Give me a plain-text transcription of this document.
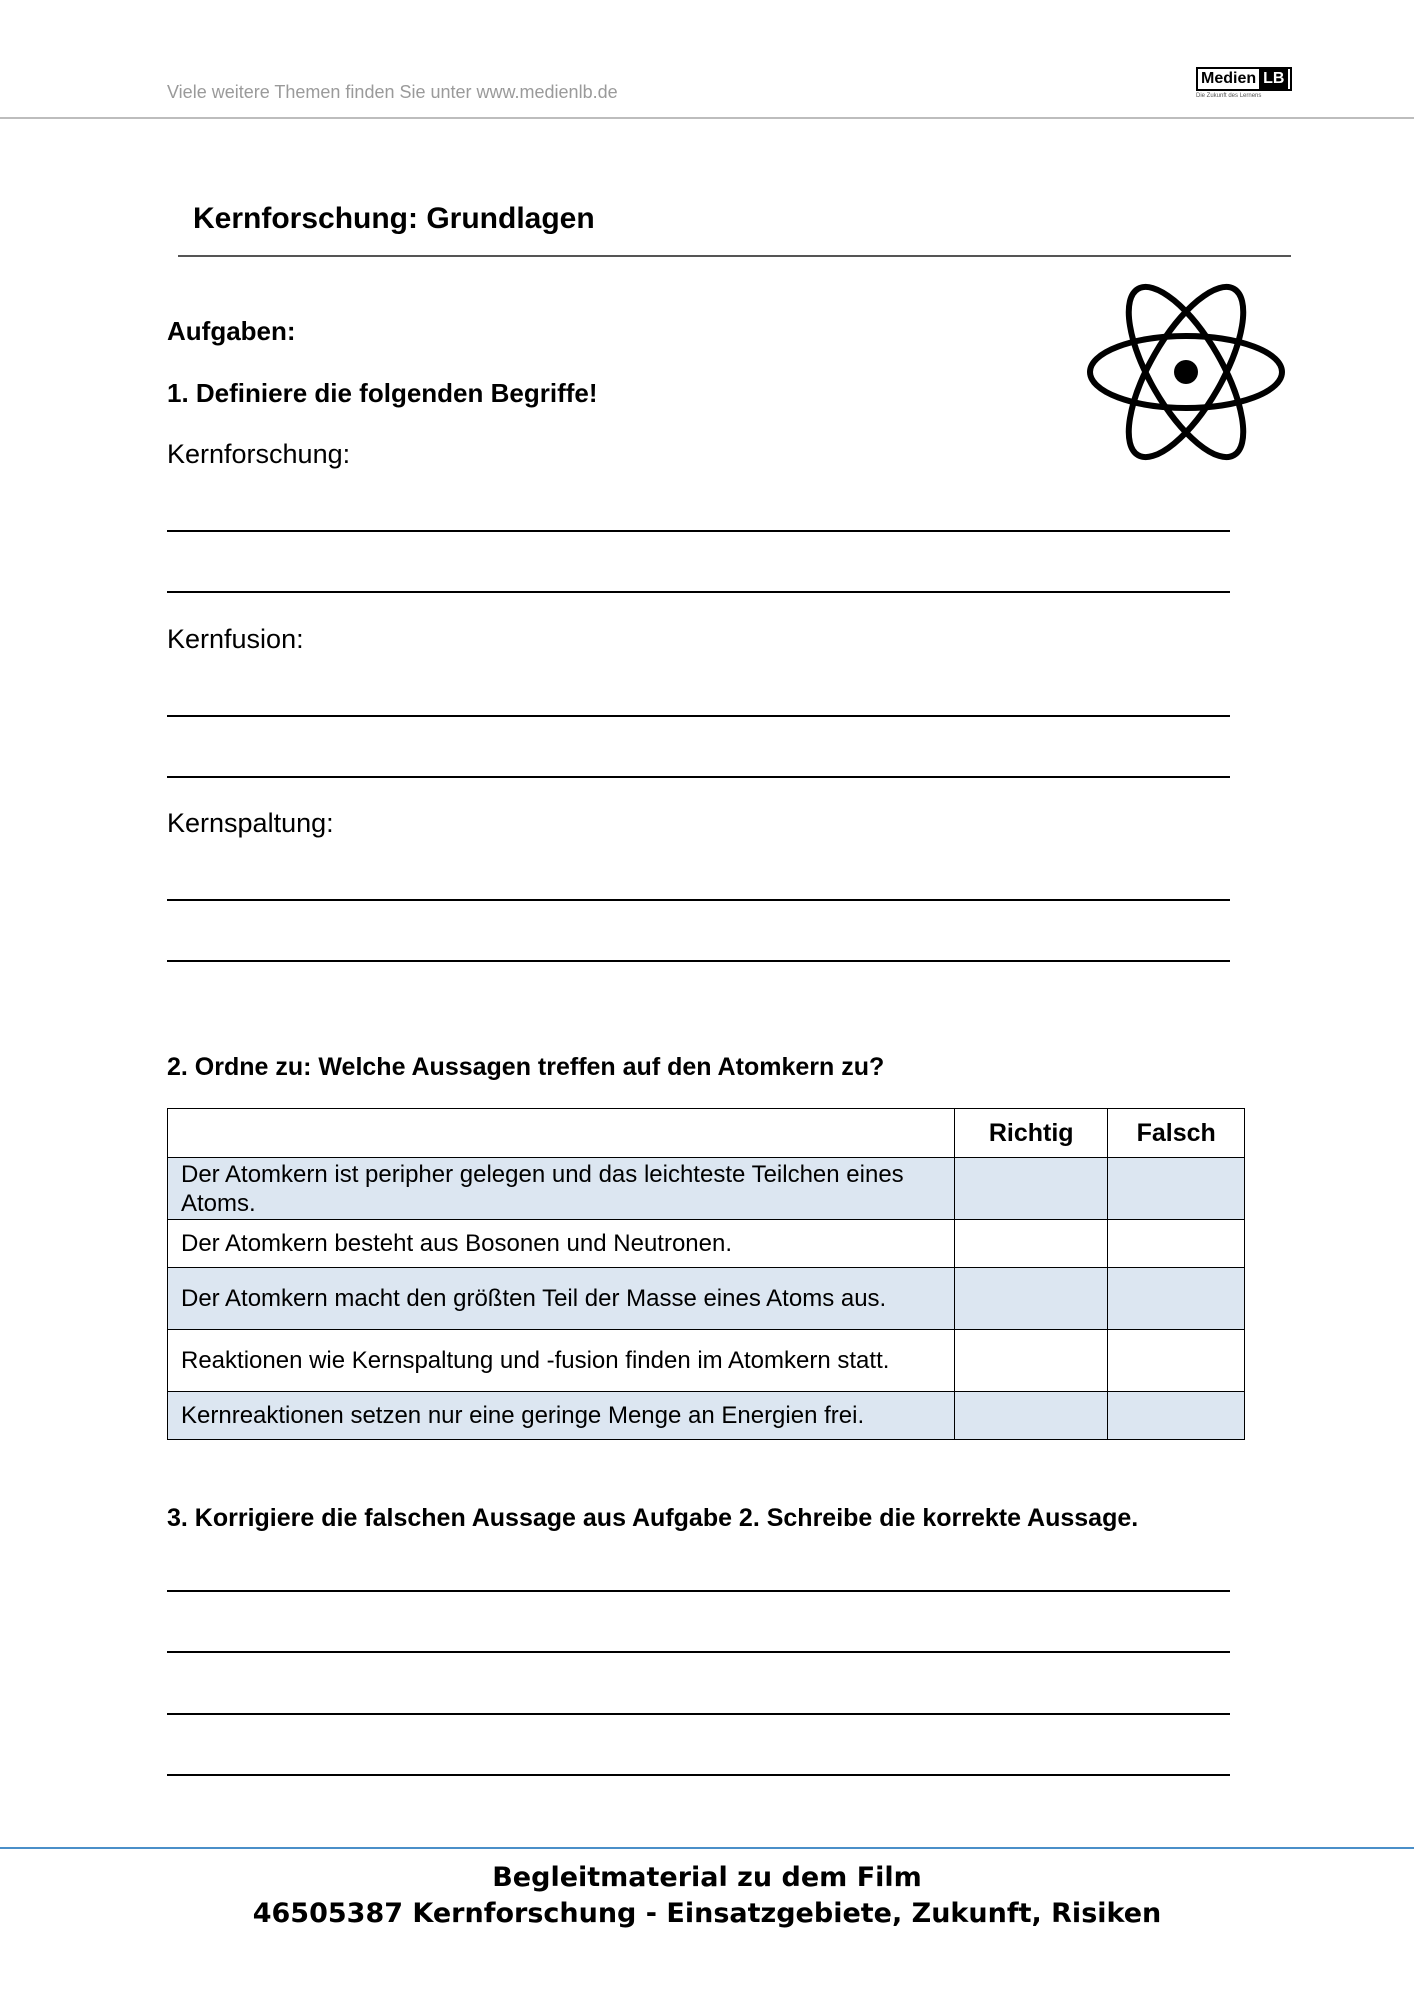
Viele weitere Themen finden Sie unter www.medienlb.de
Medien LB
Die Zukunft des Lernens
Kernforschung: Grundlagen
Aufgaben:
1. Definiere die folgenden Begriffe!
Kernforschung:
Kernfusion:
Kernspaltung:
2. Ordne zu: Welche Aussagen treffen auf den Atomkern zu?
	Richtig	Falsch
Der Atomkern ist peripher gelegen und das leichteste Teilchen eines Atoms.		
Der Atomkern besteht aus Bosonen und Neutronen.		
Der Atomkern macht den größten Teil der Masse eines Atoms aus.		
Reaktionen wie Kernspaltung und -fusion finden im Atomkern statt.		
Kernreaktionen setzen nur eine geringe Menge an Energien frei.		
3. Korrigiere die falschen Aussage aus Aufgabe 2. Schreibe die korrekte Aussage.
Begleitmaterial zu dem Film
46505387 Kernforschung - Einsatzgebiete, Zukunft, Risiken
